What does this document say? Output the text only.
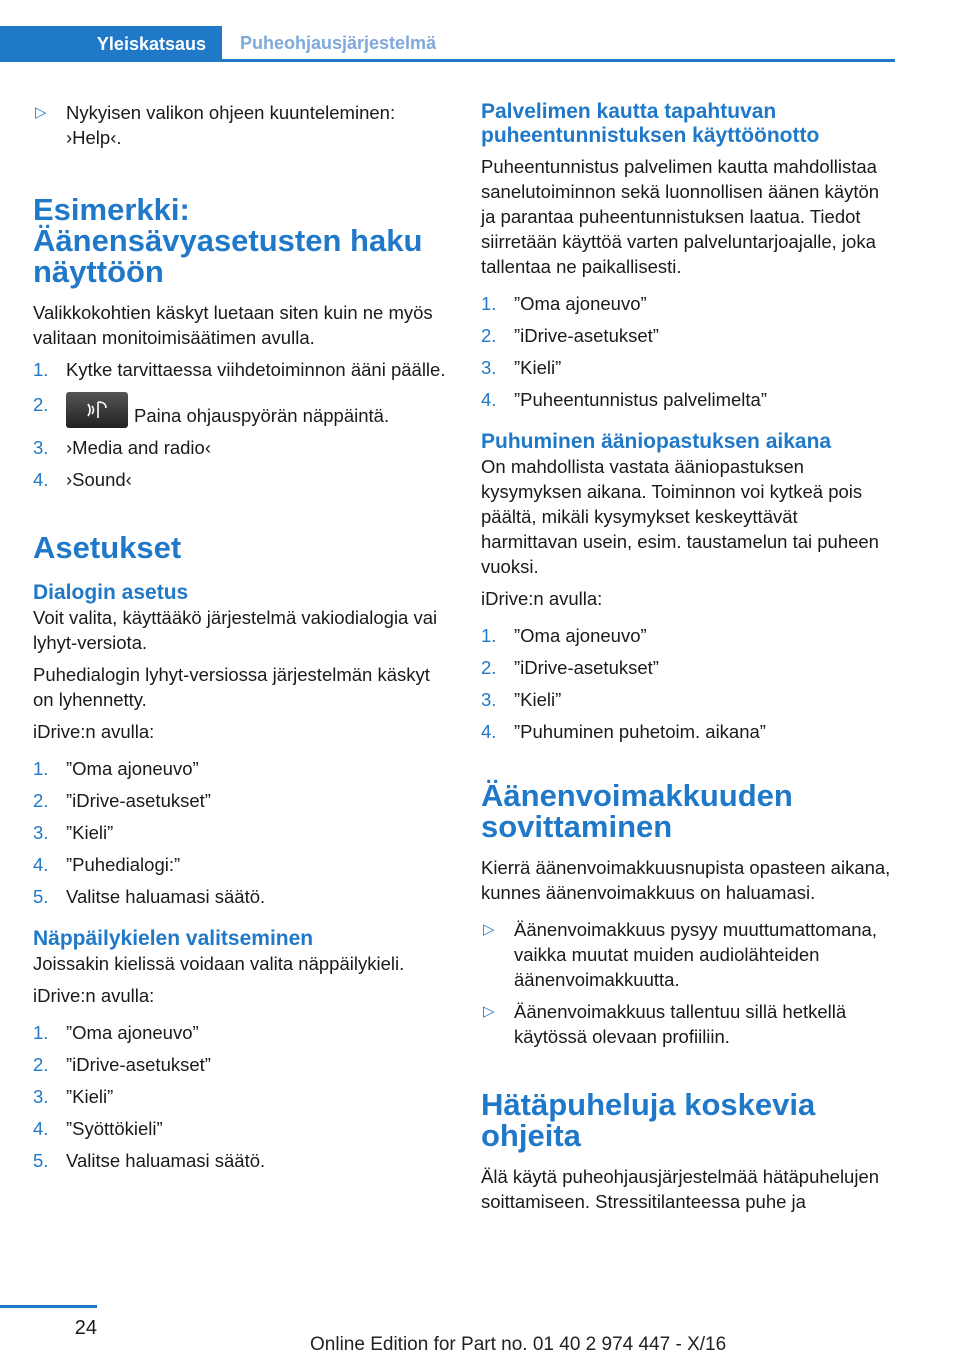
Yleiskatsaus	Puheohjausjärjestelmä
▷ Nykyisen valikon ohjeen kuunteleminen: ›Help‹.
Esimerkki: Äänensävyasetusten haku näyttöön

Valikkokohtien käskyt luetaan siten kuin ne myös valitaan monitoimisäätimen avulla.

1. Kytke tarvittaessa viihdetoiminnon ääni päälle.
2.
Paina ohjauspyörän näppäintä.
3. ›Media and radio‹
4. ›Sound‹
Asetukset
Dialogin asetus

Voit valita, käyttääkö järjestelmä vakiodialogia vai lyhyt-versiota.

Puhedialogin lyhyt-versiossa järjestelmän käskyt on lyhennetty.

iDrive:n avulla:

1. ”Oma ajoneuvo”
2. ”iDrive-asetukset”
3. ”Kieli”
4. ”Puhedialogi:”
5. Valitse haluamasi säätö.
Näppäilykielen valitseminen

Joissakin kielissä voidaan valita näppäilykieli.

iDrive:n avulla:

1. ”Oma ajoneuvo”
2. ”iDrive-asetukset”
3. ”Kieli”
4. ”Syöttökieli”
5. Valitse haluamasi säätö.
Palvelimen kautta tapahtuvan puheentunnistuksen käyttöönotto

Puheentunnistus palvelimen kautta mahdollistaa sanelutoiminnon sekä luonnollisen äänen käytön ja parantaa puheentunnistuksen laatua. Tiedot siirretään käyttöä varten palveluntarjoajalle, joka tallentaa ne paikallisesti.

1. ”Oma ajoneuvo”
2. ”iDrive-asetukset”
3. ”Kieli”
4. ”Puheentunnistus palvelimelta”
Puhuminen ääniopastuksen aikana

On mahdollista vastata ääniopastuksen kysymyksen aikana. Toiminnon voi kytkeä pois päältä, mikäli kysymykset keskeyttävät harmittavan usein, esim. taustamelun tai puheen vuoksi.

iDrive:n avulla:

1. ”Oma ajoneuvo”
2. ”iDrive-asetukset”
3. ”Kieli”
4. ”Puhuminen puhetoim. aikana”
Äänenvoimakkuuden sovittaminen

Kierrä äänenvoimakkuusnupista opasteen aikana, kunnes äänenvoimakkuus on haluamasi.

▷ Äänenvoimakkuus pysyy muuttumattomana, vaikka muutat muiden audiolähteiden äänenvoimakkuutta.
▷ Äänenvoimakkuus tallentuu sillä hetkellä käytössä olevaan profiiliin.
Hätäpuheluja koskevia ohjeita

Älä käytä puheohjausjärjestelmää hätäpuhelujen soittamiseen. Stressitilanteessa puhe ja

24
Online Edition for Part no. 01 40 2 974 447 - X/16
